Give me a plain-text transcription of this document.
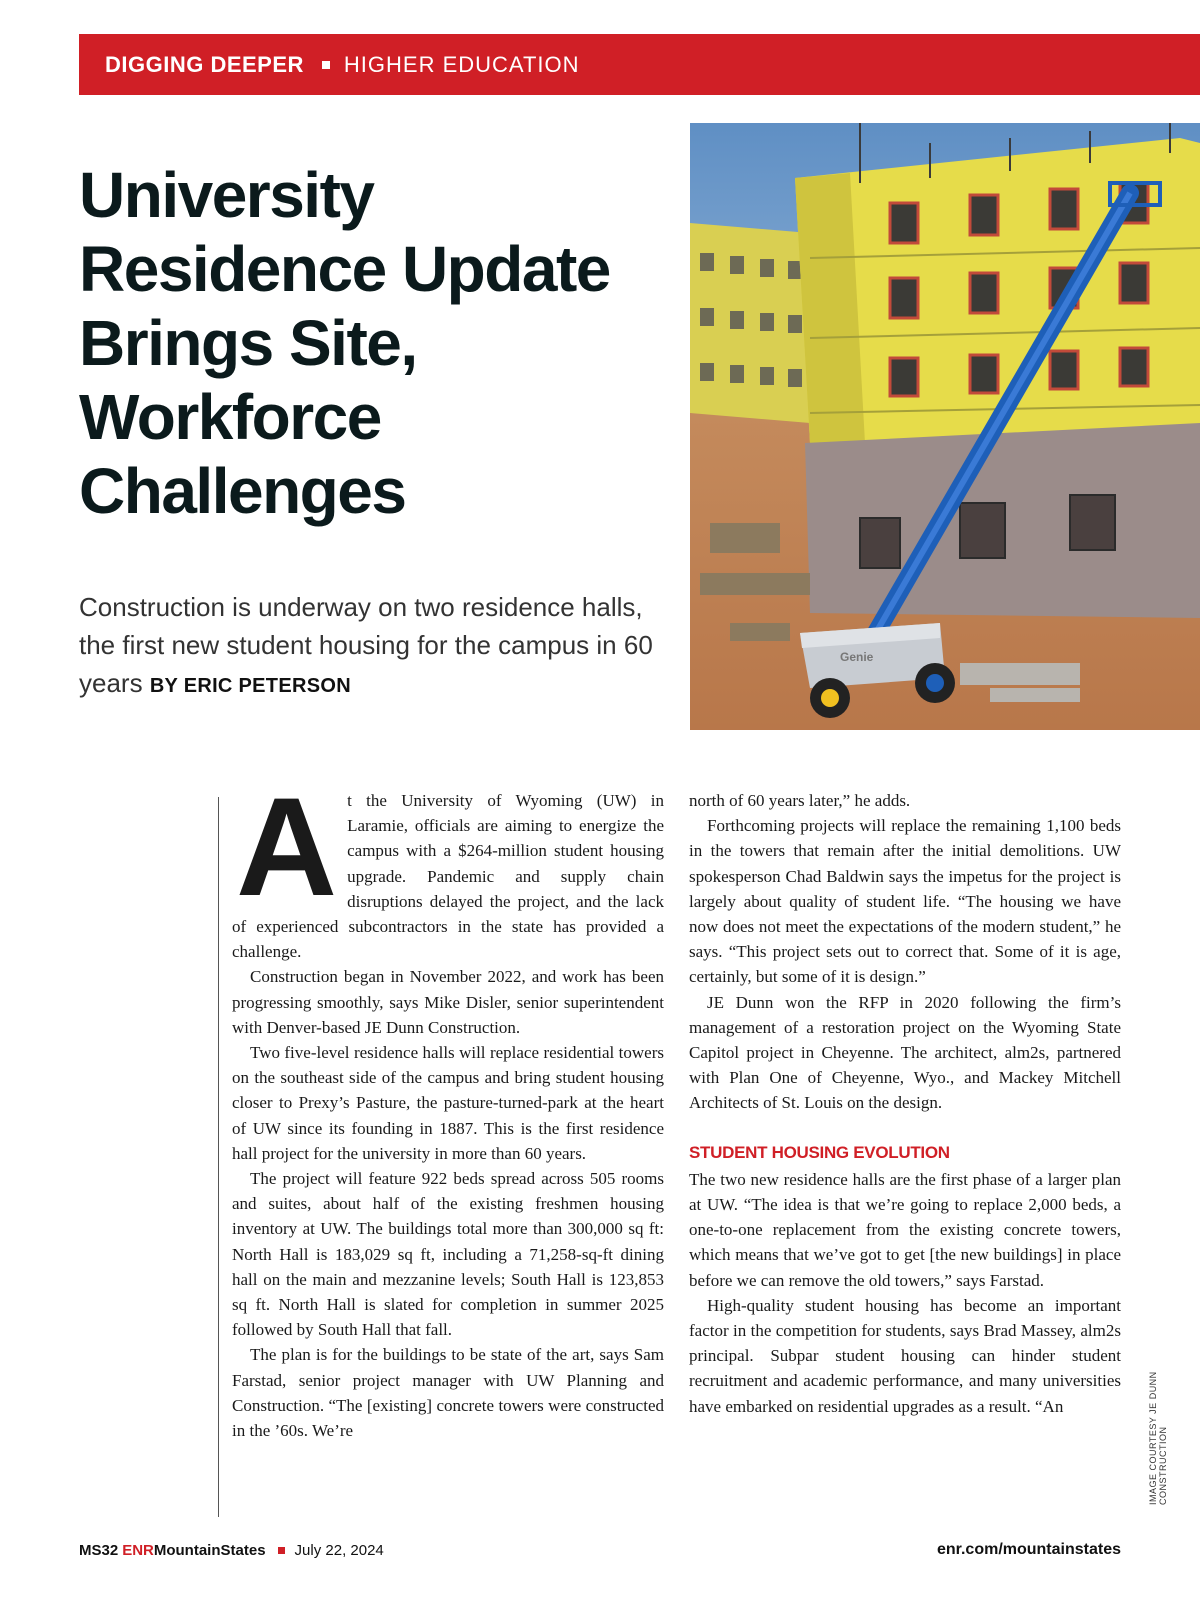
DIGGING DEEPER HIGHER EDUCATION
University Residence Update Brings Site, Workforce Challenges

Construction is underway on two residence halls, the first new student housing for the campus in 60 years BY ERIC PETERSON

Genie
IMAGE COURTESY JE DUNN CONSTRUCTION
A t the University of Wyoming (UW) in Laramie, officials are aiming to energize the campus with a $264-million student housing upgrade. Pandemic and supply chain disruptions delayed the project, and the lack of experienced subcontractors in the state has provided a challenge.

Construction began in November 2022, and work has been progressing smoothly, says Mike Disler, senior superintendent with Denver-based JE Dunn Construction.

Two five-level residence halls will replace residential towers on the southeast side of the campus and bring student housing closer to Prexy’s Pasture, the pasture-turned-park at the heart of UW since its founding in 1887. This is the first residence hall project for the university in more than 60 years.

The project will feature 922 beds spread across 505 rooms and suites, about half of the existing freshmen housing inventory at UW. The buildings total more than 300,000 sq ft: North Hall is 183,029 sq ft, including a 71,258-sq-ft dining hall on the main and mezzanine levels; South Hall is 123,853 sq ft. North Hall is slated for completion in summer 2025 followed by South Hall that fall.

The plan is for the buildings to be state of the art, says Sam Farstad, senior project manager with UW Planning and Construction. “The [existing] concrete towers were constructed in the ’60s. We’re

north of 60 years later,” he adds.

Forthcoming projects will replace the remaining 1,100 beds in the towers that remain after the initial demolitions. UW spokesperson Chad Baldwin says the impetus for the project is largely about quality of student life. “The housing we have now does not meet the expectations of the modern student,” he says. “This project sets out to correct that. Some of it is age, certainly, but some of it is design.”

JE Dunn won the RFP in 2020 following the firm’s management of a restoration project on the Wyoming State Capitol project in Cheyenne. The architect, alm2s, partnered with Plan One of Cheyenne, Wyo., and Mackey Mitchell Architects of St. Louis on the design.

STUDENT HOUSING EVOLUTION

The two new residence halls are the first phase of a larger plan at UW. “The idea is that we’re going to replace 2,000 beds, a one-to-one replacement from the existing concrete towers, which means that we’ve got to get [the new buildings] in place before we can remove the old towers,” says Farstad.

High-quality student housing has become an important factor in the competition for students, says Brad Massey, alm2s principal. Subpar student housing can hinder student recruitment and academic performance, and many universities have embarked on residential upgrades as a result. “An

MS32 ENR MountainStates July 22, 2024	enr.com/mountainstates
